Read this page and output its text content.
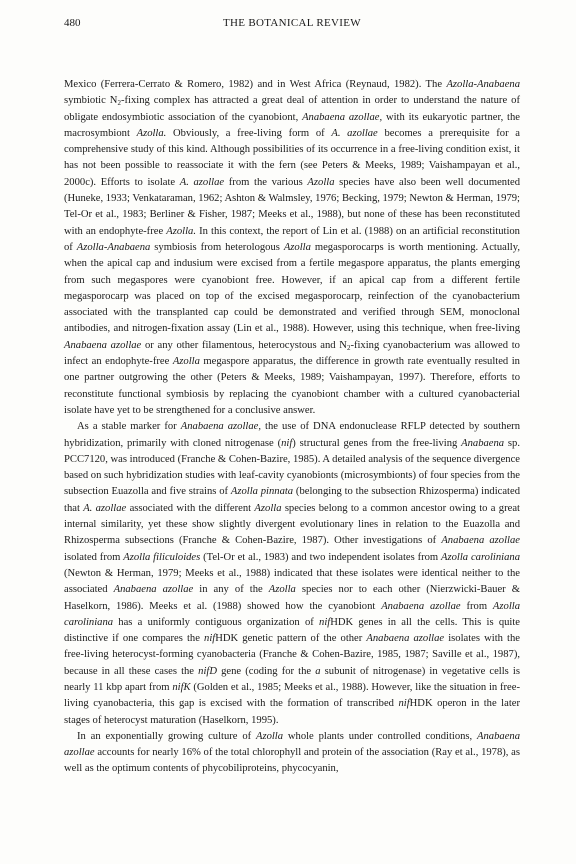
480	THE BOTANICAL REVIEW

Mexico (Ferrera-Cerrato & Romero, 1982) and in West Africa (Reynaud, 1982). The Azolla-Anabaena symbiotic $N_2$-fixing complex has attracted a great deal of attention in order to understand the nature of obligate endosymbiotic association of the cyanobiont, Anabaena azollae, with its eukaryotic partner, the macrosymbiont Azolla. Obviously, a free-living form of A. azollae becomes a prerequisite for a comprehensive study of this kind. Although possibilities of its occurrence in a free-living condition exist, it has not been possible to reassociate it with the fern (see Peters & Meeks, 1989; Vaishampayan et al., 2000c). Efforts to isolate A. azollae from the various Azolla species have also been well documented (Huneke, 1933; Venkataraman, 1962; Ashton & Walmsley, 1976; Becking, 1979; Newton & Herman, 1979; Tel-Or et al., 1983; Berliner & Fisher, 1987; Meeks et al., 1988), but none of these has been reconstituted with an endophyte-free Azolla. In this context, the report of Lin et al. (1988) on an artificial reconstitution of Azolla-Anabaena symbiosis from heterologous Azolla megasporocarps is worth mentioning. Actually, when the apical cap and indusium were excised from a fertile megaspore apparatus, the plants emerging from such megaspores were cyanobiont free. However, if an apical cap from a different fertile megasporocarp was placed on top of the excised megasporocarp, reinfection of the cyanobacterium associated with the transplanted cap could be demonstrated and verified through SEM, monoclonal antibodies, and nitrogen-fixation assay (Lin et al., 1988). However, using this technique, when free-living Anabaena azollae or any other filamentous, heterocystous and $N_2$-fixing cyanobacterium was allowed to infect an endophyte-free Azolla megaspore apparatus, the difference in growth rate eventually resulted in one partner outgrowing the other (Peters & Meeks, 1989; Vaishampayan, 1997). Therefore, efforts to reconstitute functional symbiosis by replacing the cyanobiont chamber with a cultured cyanobacterial isolate have yet to be strengthened for a conclusive answer.

As a stable marker for Anabaena azollae, the use of DNA endonuclease RFLP detected by southern hybridization, primarily with cloned nitrogenase (nif) structural genes from the free-living Anabaena sp. PCC7120, was introduced (Franche & Cohen-Bazire, 1985). A detailed analysis of the sequence divergence based on such hybridization studies with leaf-cavity cyanobionts (microsymbionts) of four species from the subsection Euazolla and five strains of Azolla pinnata (belonging to the subsection Rhizosperma) indicated that A. azollae associated with the different Azolla species belong to a common ancestor owing to a great internal similarity, yet these show slightly divergent evolutionary lines in relation to the Euazolla and Rhizosperma subsections (Franche & Cohen-Bazire, 1987). Other investigations of Anabaena azollae isolated from Azolla filiculoides (Tel-Or et al., 1983) and two independent isolates from Azolla caroliniana (Newton & Herman, 1979; Meeks et al., 1988) indicated that these isolates were identical neither to the associated Anabaena azollae in any of the Azolla species nor to each other (Nierzwicki-Bauer & Haselkorn, 1986). Meeks et al. (1988) showed how the cyanobiont Anabaena azollae from Azolla caroliniana has a uniformly contiguous organization of nifHDK genes in all the cells. This is quite distinctive if one compares the nifHDK genetic pattern of the other Anabaena azollae isolates with the free-living heterocyst-forming cyanobacteria (Franche & Cohen-Bazire, 1985, 1987; Saville et al., 1987), because in all these cases the nifD gene (coding for the a subunit of nitrogenase) in vegetative cells is nearly 11 kbp apart from nifK (Golden et al., 1985; Meeks et al., 1988). However, like the situation in free-living cyanobacteria, this gap is excised with the formation of transcribed nifHDK operon in the later stages of heterocyst maturation (Haselkorn, 1995).

In an exponentially growing culture of Azolla whole plants under controlled conditions, Anabaena azollae accounts for nearly 16% of the total chlorophyll and protein of the association (Ray et al., 1978), as well as the optimum contents of phycobiliproteins, phycocyanin,
